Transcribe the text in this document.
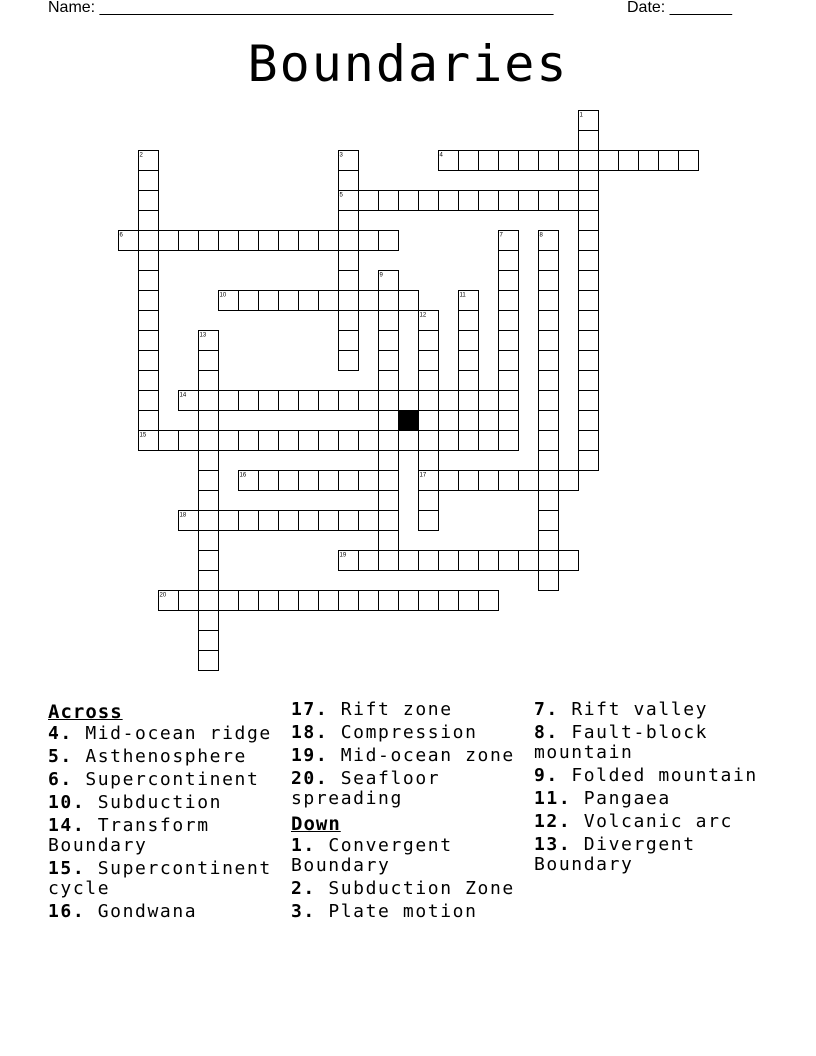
Name: ___________________________________________________	Date: _______
Boundaries
4
5
6
10
14
15
16	17
18
19
20
1
2	3
7	8
9
11
12
13
Across
4. Mid-ocean ridge
5. Asthenosphere
6. Supercontinent
10. Subduction
14. Transform Boundary
15. Supercontinent cycle
16. Gondwana
17. Rift zone
18. Compression
19. Mid-ocean zone
20. Seafloor spreading
Down
1. Convergent Boundary
2. Subduction Zone
3. Plate motion
7. Rift valley
8. Fault-block mountain
9. Folded mountain
11. Pangaea
12. Volcanic arc
13. Divergent Boundary
